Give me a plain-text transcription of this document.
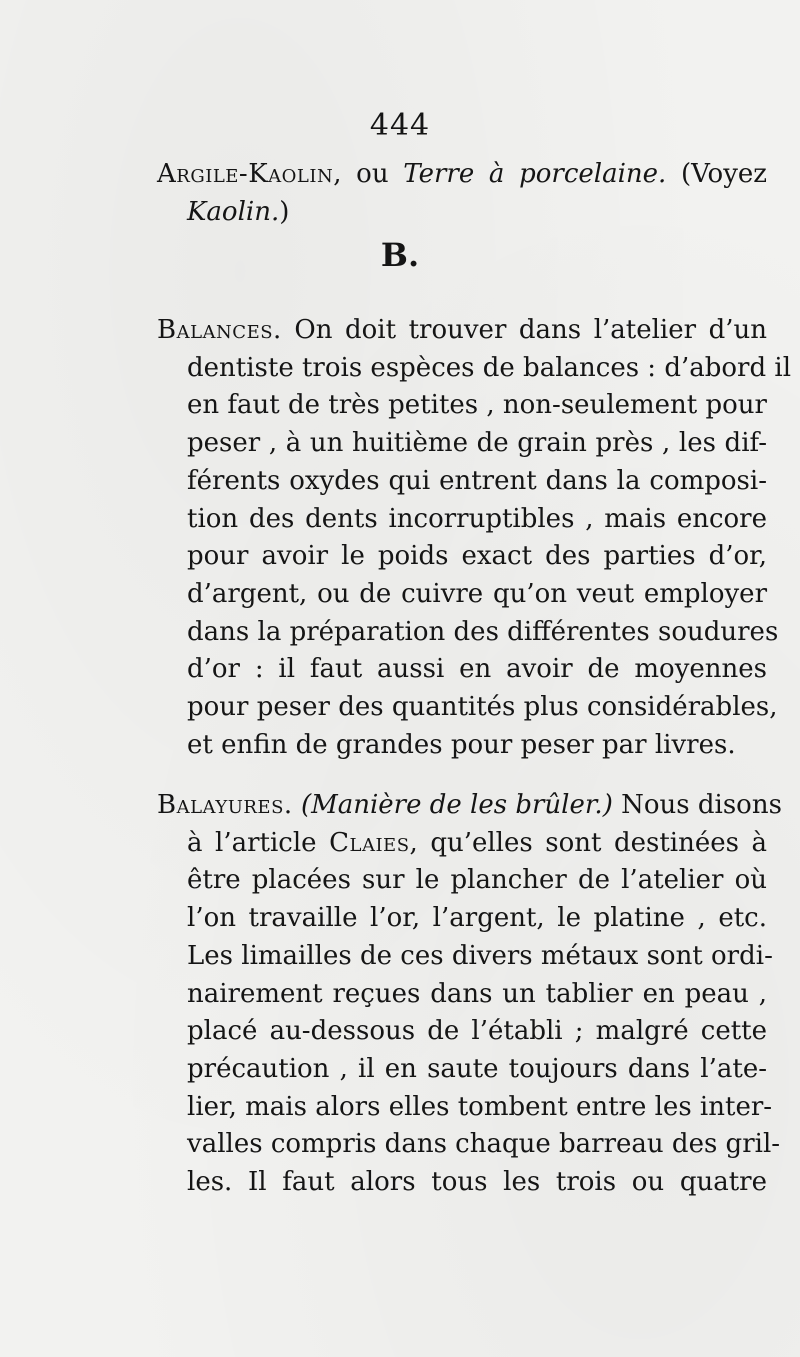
444
Argile-Kaolin, ou Terre à porcelaine. (Voyez
Kaolin.)
B.
Balances. On doit trouver dans l’atelier d’un
dentiste trois espèces de balances : d’abord il
en faut de très petites , non-seulement pour
peser , à un huitième de grain près , les dif-
férents oxydes qui entrent dans la composi-
tion des dents incorruptibles , mais encore
pour avoir le poids exact des parties d’or,
d’argent, ou de cuivre qu’on veut employer
dans la préparation des différentes soudures
d’or : il faut aussi en avoir de moyennes
pour peser des quantités plus considérables,
et enfin de grandes pour peser par livres.
Balayures. (Manière de les brûler.) Nous disons
à l’article Claies, qu’elles sont destinées à
être placées sur le plancher de l’atelier où
l’on travaille l’or, l’argent, le platine , etc.
Les limailles de ces divers métaux sont ordi-
nairement reçues dans un tablier en peau ,
placé au-dessous de l’établi ; malgré cette
précaution , il en saute toujours dans l’ate-
lier, mais alors elles tombent entre les inter-
valles compris dans chaque barreau des gril-
les. Il faut alors tous les trois ou quatre
